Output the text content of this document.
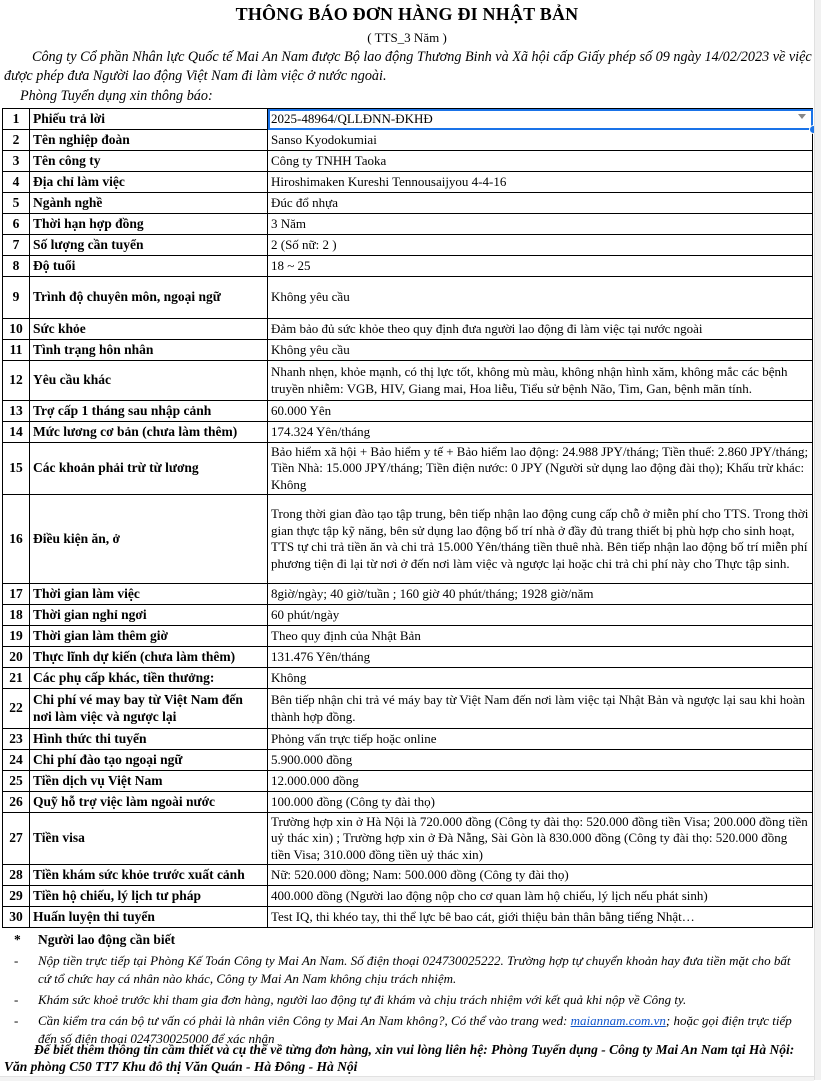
THÔNG BÁO ĐƠN HÀNG ĐI NHẬT BẢN
( TTS_3 Năm )
Công ty Cổ phần Nhân lực Quốc tế Mai An Nam được Bộ lao động Thương Binh và Xã hội cấp Giấy phép số 09 ngày 14/02/2023 về việc được phép đưa Người lao động Việt Nam đi làm việc ở nước ngoài.
Phòng Tuyển dụng xin thông báo:
1	Phiếu trả lời	2025-48964/QLLĐNN-ĐKHĐ

2	Tên nghiệp đoàn	Sanso Kyodokumiai
3	Tên công ty	Công ty TNHH Taoka
4	Địa chỉ làm việc	Hiroshimaken Kureshi Tennousaijyou 4-4-16
5	Ngành nghề	Đúc đổ nhựa
6	Thời hạn hợp đồng	3 Năm
7	Số lượng cần tuyển	2 (Số nữ: 2 )
8	Độ tuổi	18 ~ 25
9	Trình độ chuyên môn, ngoại ngữ	Không yêu cầu
10	Sức khỏe	Đảm bảo đủ sức khỏe theo quy định đưa người lao động đi làm việc tại nước ngoài
11	Tình trạng hôn nhân	Không yêu cầu
12	Yêu cầu khác	Nhanh nhẹn, khỏe mạnh, có thị lực tốt, không mù màu, không nhận hình xăm, không mắc các bệnh truyền nhiễm: VGB, HIV, Giang mai, Hoa liễu, Tiểu sử bệnh Não, Tim, Gan, bệnh mãn tính.
13	Trợ cấp 1 tháng sau nhập cảnh	60.000 Yên
14	Mức lương cơ bản (chưa làm thêm)	174.324 Yên/tháng
15	Các khoản phải trừ từ lương	Bảo hiểm xã hội + Bảo hiểm y tế + Bảo hiểm lao động: 24.988 JPY/tháng; Tiền thuế: 2.860 JPY/tháng; Tiền Nhà: 15.000 JPY/tháng; Tiền điện nước: 0 JPY (Người sử dụng lao động đài thọ); Khấu trừ khác: Không
16	Điều kiện ăn, ở	Trong thời gian đào tạo tập trung, bên tiếp nhận lao động cung cấp chỗ ở miễn phí cho TTS. Trong thời gian thực tập kỹ năng, bên sử dụng lao động bố trí nhà ở đầy đủ trang thiết bị phù hợp cho sinh hoạt, TTS tự chi trả tiền ăn và chi trả 15.000 Yên/tháng tiền thuê nhà. Bên tiếp nhận lao động bố trí miễn phí phương tiện đi lại từ nơi ở đến nơi làm việc và ngược lại hoặc chi trả chi phí này cho Thực tập sinh.
17	Thời gian làm việc	8giờ/ngày; 40 giờ/tuần ; 160 giờ 40 phút/tháng; 1928 giờ/năm
18	Thời gian nghỉ ngơi	60 phút/ngày
19	Thời gian làm thêm giờ	Theo quy định của Nhật Bản
20	Thực lĩnh dự kiến (chưa làm thêm)	131.476 Yên/tháng
21	Các phụ cấp khác, tiền thưởng:	Không
22	Chi phí vé may bay từ Việt Nam đến nơi làm việc và ngược lại	Bên tiếp nhận chi trả vé máy bay từ Việt Nam đến nơi làm việc tại Nhật Bản và ngược lại sau khi hoàn thành hợp đồng.
23	Hình thức thi tuyển	Phỏng vấn trực tiếp hoặc online
24	Chi phí đào tạo ngoại ngữ	5.900.000 đồng
25	Tiền dịch vụ Việt Nam	12.000.000 đồng
26	Quỹ hỗ trợ việc làm ngoài nước	100.000 đồng (Công ty đài thọ)
27	Tiền visa	Trường hợp xin ở Hà Nội là 720.000 đồng (Công ty đài thọ: 520.000 đồng tiền Visa; 200.000 đồng tiền uỷ thác xin) ; Trường hợp xin ở Đà Nẵng, Sài Gòn là 830.000 đồng (Công ty đài thọ: 520.000 đồng tiền Visa; 310.000 đồng tiền uỷ thác xin)
28	Tiền khám sức khỏe trước xuất cảnh	Nữ: 520.000 đồng; Nam: 500.000 đồng (Công ty đài thọ)
29	Tiền hộ chiếu, lý lịch tư pháp	400.000 đồng (Người lao động nộp cho cơ quan làm hộ chiếu, lý lịch nếu phát sinh)
30	Huấn luyện thi tuyển	Test IQ, thi khéo tay, thi thể lực bê bao cát, giới thiệu bản thân bằng tiếng Nhật…
* Người lao động cần biết
- Nộp tiền trực tiếp tại Phòng Kế Toán Công ty Mai An Nam. Số điện thoại 024730025222. Trường hợp tự chuyển khoản hay đưa tiền mặt cho bất cứ tổ chức hay cá nhân nào khác, Công ty Mai An Nam không chịu trách nhiệm.
- Khám sức khoẻ trước khi tham gia đơn hàng, người lao động tự đi khám và chịu trách nhiệm với kết quả khi nộp về Công ty.
- Cần kiểm tra cán bộ tư vấn có phải là nhân viên Công ty Mai An Nam không?, Có thể vào trang wed: maiannam.com.vn; hoặc gọi điện trực tiếp đến số điện thoại 024730025000 để xác nhận
Để biết thêm thông tin cầm thiết và cụ thể về từng đơn hàng, xin vui lòng liên hệ: Phòng Tuyển dụng - Công ty Mai An Nam tại Hà Nội: Văn phòng C50 TT7 Khu đô thị Văn Quán - Hà Đông - Hà Nội
